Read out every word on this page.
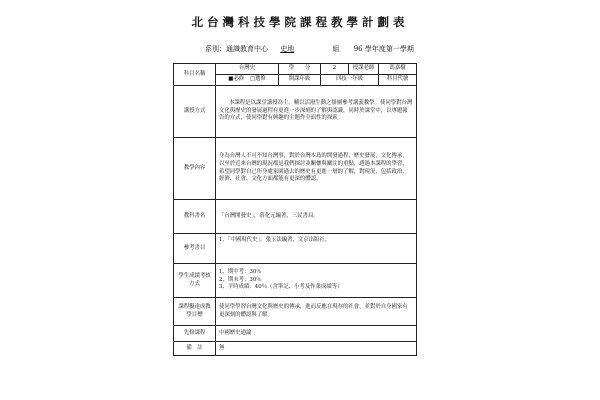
北台灣科技學院課程教學計劃表
系別：通識教育中心 史地	組 96 學年度第一學期
科目名稱	台灣史	學　　分	2	授課老師	馮嘉樹
	■必修 □選修	開課年級	四技一年級		科目代號
講授方式	本課程是以課堂講授為主，輔以活潑生動之掛圖參考講義教學。使同學對台灣文化與歷史的發展過程有更進一步深刻的了解與認識，同時於課堂中，以專題報告的方式，使同學對有興趣的主題作全面性的探索。				
教學內容	身為台灣人不可不知台灣事，對於台灣本島的開發過程，歷史發展，文化傳承，以至於近來台灣的現況都是我們探討並關懷與關注的重點，透過本課程的學習，希望同學對自己所身處家園過去的歷史有更進一層的了解，對現況，包括政治、經濟、社會、文化方面都能有更深的體認。				
教科書名	「台灣開發史」，薛化元編著，三民書局。				
參考書目	1、「中國現代史」，張玉法編著，文京出版社。				
學生成績考核方式	1、期中考：30％
2、期末考：30％
3、平時成績：40％（含筆記、小考及作業成績等）				

課程擬達成教學目標	使同學學習台灣文化與歷史的傳承，進而反應在現存的社會，並對於自身國家有更深刻的體認與了解。				
先修課程	中國歷史通論				
備　註	無				
